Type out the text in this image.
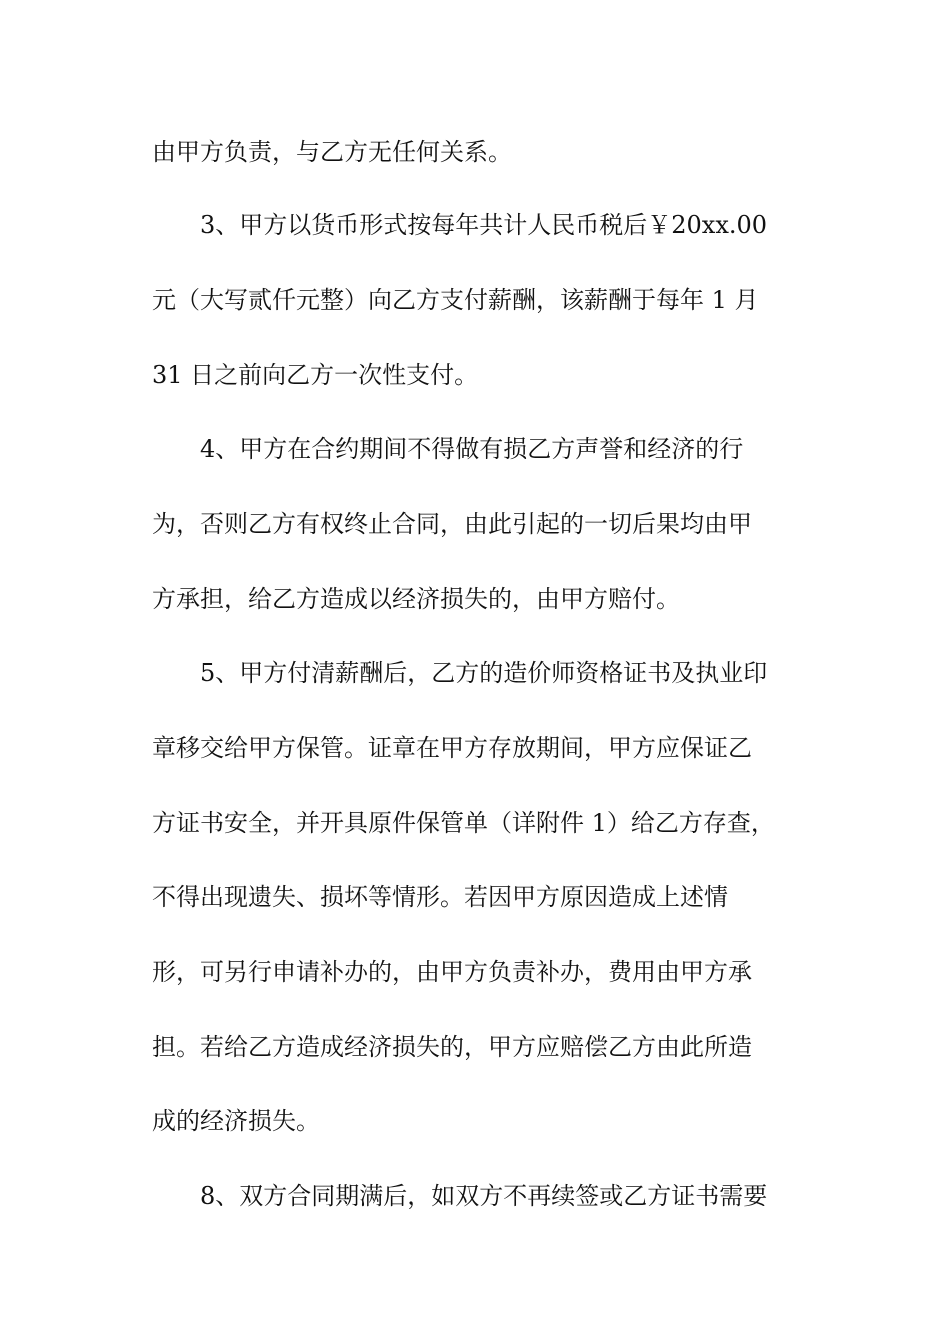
由甲方负责，与乙方无任何关系。
3、甲方以货币形式按每年共计人民币税后￥20xx.00
元（大写贰仟元整）向乙方支付薪酬，该薪酬于每年 1 月
31 日之前向乙方一次性支付。
4、甲方在合约期间不得做有损乙方声誉和经济的行
为，否则乙方有权终止合同，由此引起的一切后果均由甲
方承担，给乙方造成以经济损失的，由甲方赔付。
5、甲方付清薪酬后，乙方的造价师资格证书及执业印
章移交给甲方保管。证章在甲方存放期间，甲方应保证乙
方证书安全，并开具原件保管单（详附件 1）给乙方存查，
不得出现遗失、损坏等情形。若因甲方原因造成上述情
形，可另行申请补办的，由甲方负责补办，费用由甲方承
担。若给乙方造成经济损失的，甲方应赔偿乙方由此所造
成的经济损失。
8、双方合同期满后，如双方不再续签或乙方证书需要
